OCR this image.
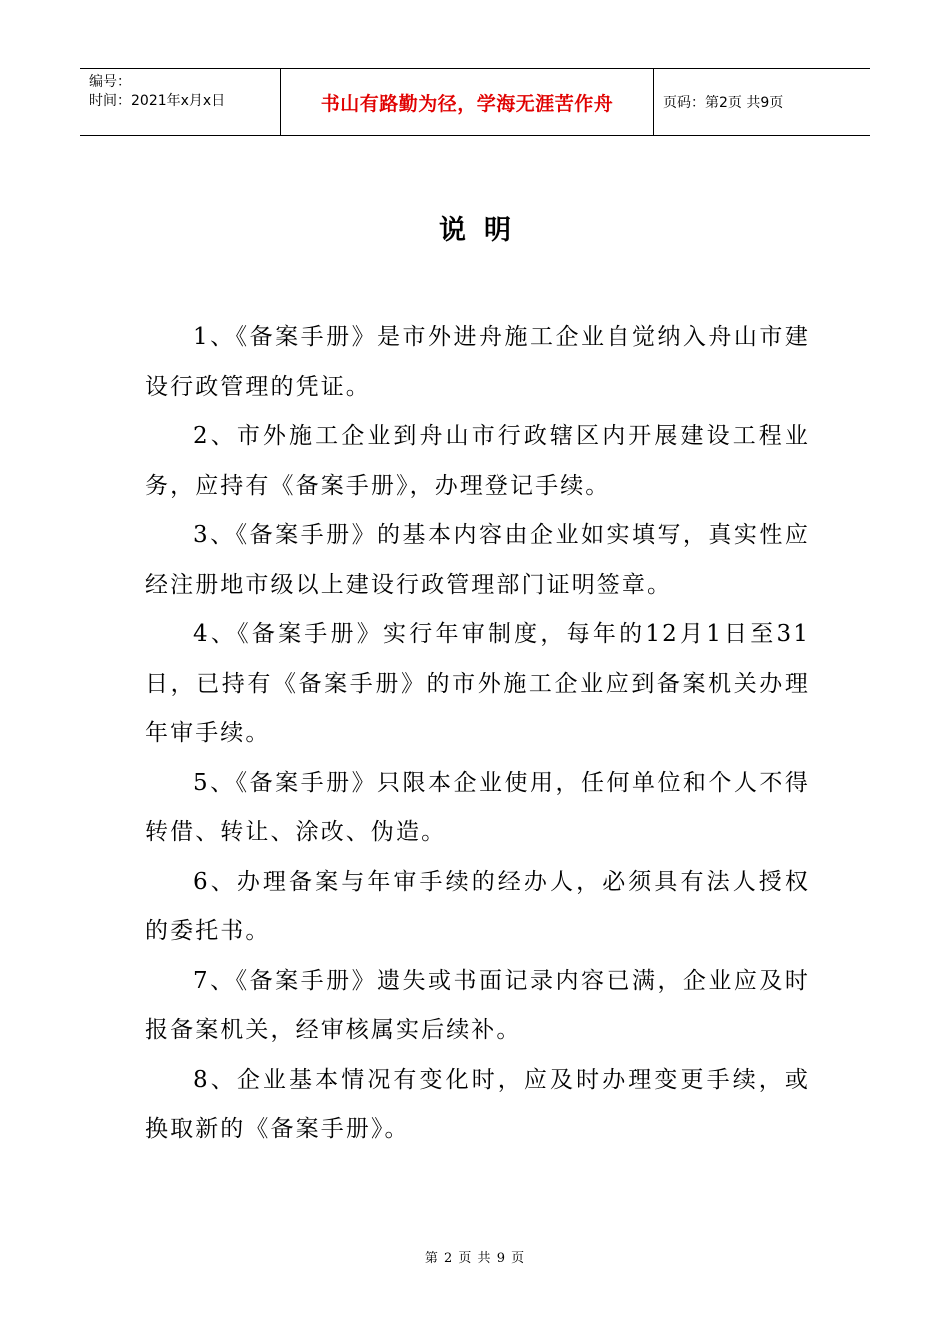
编号：
时间：2021年x月x日	书山有路勤为径，学海无涯苦作舟	页码：第2页 共9页
说明

1、《备案手册》是市外进舟施工企业自觉纳入舟山市建设行政管理的凭证。

2、市外施工企业到舟山市行政辖区内开展建设工程业务，应持有《备案手册》，办理登记手续。

3、《备案手册》的基本内容由企业如实填写，真实性应经注册地市级以上建设行政管理部门证明签章。

4、《备案手册》实行年审制度，每年的12月1日至31日，已持有《备案手册》的市外施工企业应到备案机关办理年审手续。

5、《备案手册》只限本企业使用，任何单位和个人不得转借、转让、涂改、伪造。

6、办理备案与年审手续的经办人，必须具有法人授权的委托书。

7、《备案手册》遗失或书面记录内容已满，企业应及时报备案机关，经审核属实后续补。

8、企业基本情况有变化时，应及时办理变更手续，或换取新的《备案手册》。

第 2 页 共 9 页
